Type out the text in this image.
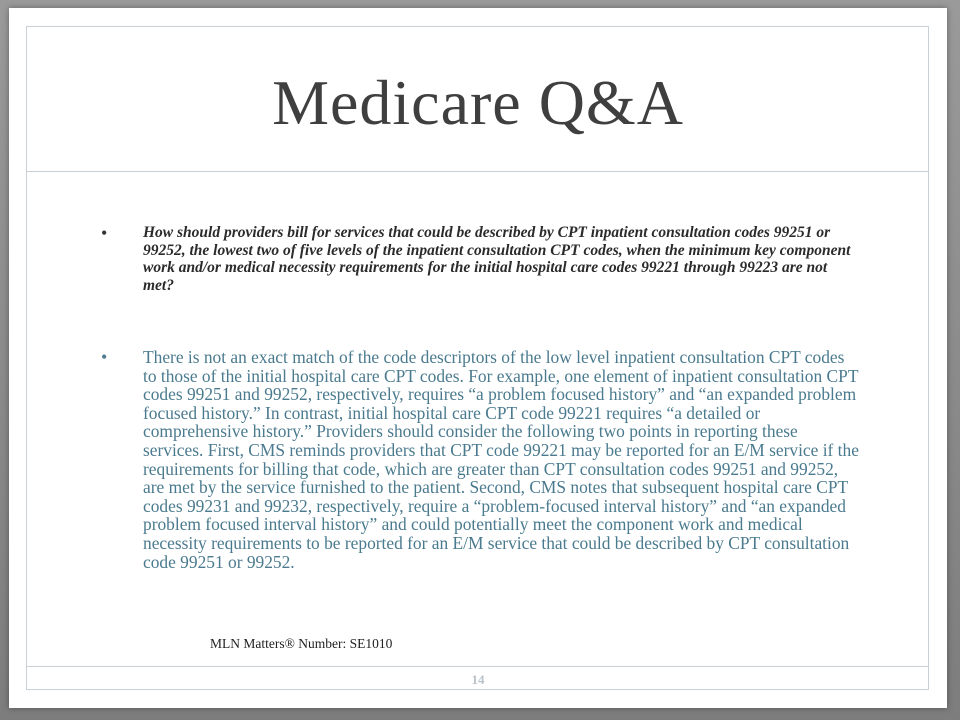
Medicare Q&A
• How should providers bill for services that could be described by CPT inpatient consultation codes 99251 or 99252, the lowest two of five levels of the inpatient consultation CPT codes, when the minimum key component work and/or medical necessity requirements for the initial hospital care codes 99221 through 99223 are not met?
• There is not an exact match of the code descriptors of the low level inpatient consultation CPT codes to those of the initial hospital care CPT codes. For example, one element of inpatient consultation CPT codes 99251 and 99252, respectively, requires “a problem focused history” and “an expanded problem focused history.” In contrast, initial hospital care CPT code 99221 requires “a detailed or comprehensive history.” Providers should consider the following two points in reporting these services. First, CMS reminds providers that CPT code 99221 may be reported for an E/M service if the requirements for billing that code, which are greater than CPT consultation codes 99251 and 99252, are met by the service furnished to the patient. Second, CMS notes that subsequent hospital care CPT codes 99231 and 99232, respectively, require a “problem-focused interval history” and “an expanded problem focused interval history” and could potentially meet the component work and medical necessity requirements to be reported for an E/M service that could be described by CPT consultation code 99251 or 99252.
MLN Matters® Number: SE1010
14
